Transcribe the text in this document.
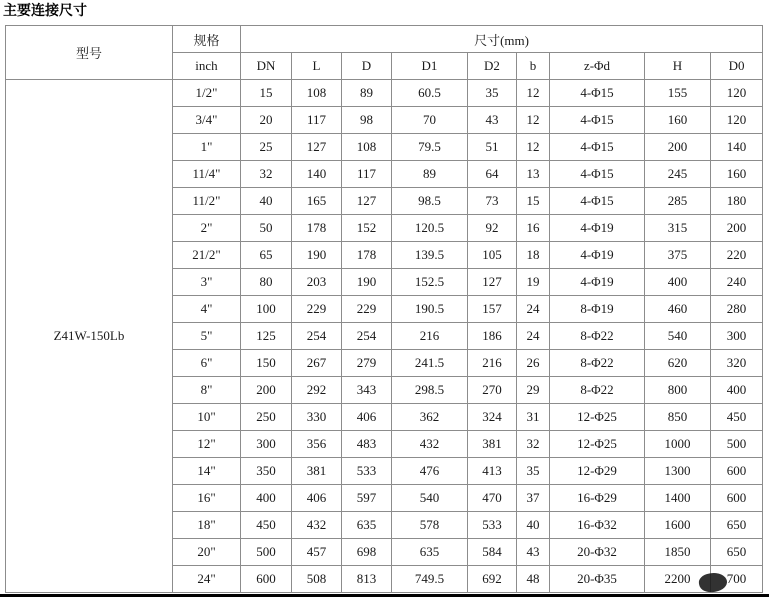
主要连接尺寸
型号	规格	尺寸(mm)								
	inch	DN	L	D	D1	D2	b	z-Φd	H	D0
Z41W-150Lb	1/2"	15	108	89	60.5	35	12	4-Φ15	155	120
	3/4"	20	117	98	70	43	12	4-Φ15	160	120
	1"	25	127	108	79.5	51	12	4-Φ15	200	140
	11/4"	32	140	117	89	64	13	4-Φ15	245	160
	11/2"	40	165	127	98.5	73	15	4-Φ15	285	180
	2"	50	178	152	120.5	92	16	4-Φ19	315	200
	21/2"	65	190	178	139.5	105	18	4-Φ19	375	220
	3"	80	203	190	152.5	127	19	4-Φ19	400	240
	4"	100	229	229	190.5	157	24	8-Φ19	460	280
	5"	125	254	254	216	186	24	8-Φ22	540	300
	6"	150	267	279	241.5	216	26	8-Φ22	620	320
	8"	200	292	343	298.5	270	29	8-Φ22	800	400
	10"	250	330	406	362	324	31	12-Φ25	850	450
	12"	300	356	483	432	381	32	12-Φ25	1000	500
	14"	350	381	533	476	413	35	12-Φ29	1300	600
	16"	400	406	597	540	470	37	16-Φ29	1400	600
	18"	450	432	635	578	533	40	16-Φ32	1600	650
	20"	500	457	698	635	584	43	20-Φ32	1850	650
	24"	600	508	813	749.5	692	48	20-Φ35	2200	700
